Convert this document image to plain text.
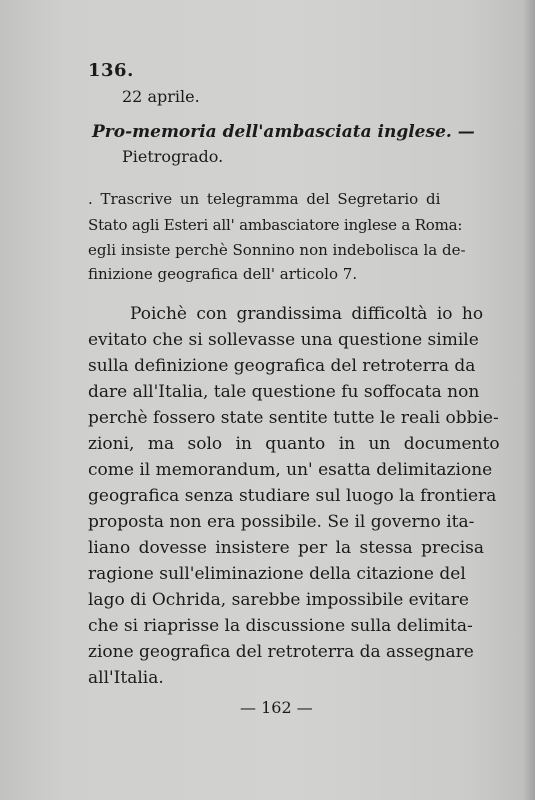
136.
22 aprile.
Pro-memoria dell'ambasciata inglese. —
Pietrogrado.
. Trascrive un telegramma del Segretario di
Stato agli Esteri all' ambasciatore inglese a Roma:
egli insiste perchè Sonnino non indebolisca la de-
finizione geografica dell' articolo 7.
Poichè con grandissima difficoltà io ho
evitato che si sollevasse una questione simile
sulla definizione geografica del retroterra da
dare all'Italia, tale questione fu soffocata non
perchè fossero state sentite tutte le reali obbie-
zioni, ma solo in quanto in un documento
come il memorandum, un' esatta delimitazione
geografica senza studiare sul luogo la frontiera
proposta non era possibile. Se il governo ita-
liano dovesse insistere per la stessa precisa
ragione sull'eliminazione della citazione del
lago di Ochrida, sarebbe impossibile evitare
che si riaprisse la discussione sulla delimita-
zione geografica del retroterra da assegnare
all'Italia.
— 162 —
